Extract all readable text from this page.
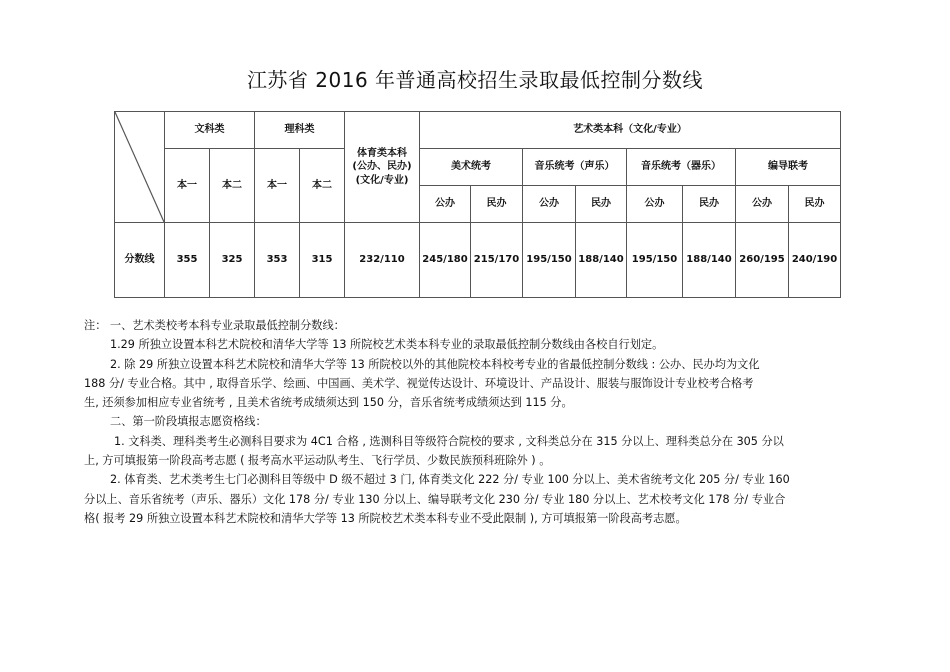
江苏省 2016 年普通高校招生录取最低控制分数线
	文科类		理科类		体育类本科
(公办、民办)
(文化/专业)	艺术类本科（文化/专业）							
	本一	本二	本一	本二		美术统考		音乐统考（声乐）		音乐统考（器乐）		编导联考	
						公办	民办	公办	民办	公办	民办	公办	民办
分数线	355	325	353	315	232/110	245/180	215/170	195/150	188/140	195/150	188/140	260/195	240/190

注： 一、艺术类校考本科专业录取最低控制分数线：

1.29 所独立设置本科艺术院校和清华大学等 13 所院校艺术类本科专业的录取最低控制分数线由各校自行划定。

2. 除 29 所独立设置本科艺术院校和清华大学等 13 所院校以外的其他院校本科校考专业的省最低控制分数线 : 公办、民办均为文化

188 分/ 专业合格。其中 , 取得音乐学、绘画、中国画、美术学、视觉传达设计、环境设计、产品设计、服装与服饰设计专业校考合格考

生, 还须参加相应专业省统考 , 且美术省统考成绩须达到 150 分，音乐省统考成绩须达到 115 分。

二、第一阶段填报志愿资格线：

1. 文科类、理科类考生必测科目要求为 4C1 合格 , 选测科目等级符合院校的要求 , 文科类总分在 315 分以上、理科类总分在 305 分以

上, 方可填报第一阶段高考志愿 ( 报考高水平运动队考生、飞行学员、少数民族预科班除外 ) 。

2. 体育类、艺术类考生七门必测科目等级中 D 级不超过 3 门, 体育类文化 222 分/ 专业 100 分以上、美术省统考文化 205 分/ 专业 160

分以上、音乐省统考（声乐、器乐）文化 178 分/ 专业 130 分以上、编导联考文化 230 分/ 专业 180 分以上、艺术校考文化 178 分/ 专业合

格( 报考 29 所独立设置本科艺术院校和清华大学等 13 所院校艺术类本科专业不受此限制 ), 方可填报第一阶段高考志愿。
